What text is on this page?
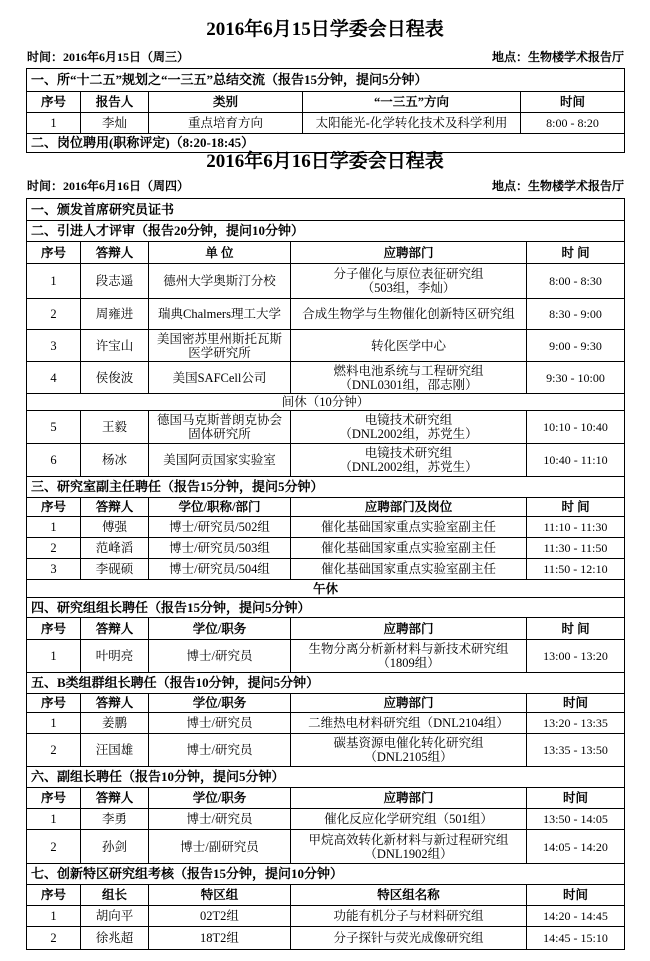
2016年6月15日学委会日程表
时间：2016年6月15日（周三）	地点：生物楼学术报告厅
一、所“十二五”规划之“一三五”总结交流（报告15分钟，提问5分钟）				
序号	报告人	类别	“一三五”方向	时间
1	李灿	重点培育方向	太阳能光-化学转化技术及科学利用	8:00 - 8:20
二、岗位聘用(职称评定)（8:20-18:45）				
2016年6月16日学委会日程表
时间：2016年6月16日（周四）	地点：生物楼学术报告厅
一、颁发首席研究员证书				
二、引进人才评审（报告20分钟，提问10分钟）				
序号	答辩人	单 位	应聘部门	时 间
1	段志遥	德州大学奥斯汀分校	分子催化与原位表征研究组
（503组，李灿）	8:00 - 8:30
2	周雍进	瑞典Chalmers理工大学	合成生物学与生物催化创新特区研究组	8:30 - 9:00
3	许宝山	美国密苏里州斯托瓦斯
医学研究所	转化医学中心	9:00 - 9:30
4	侯俊波	美国SAFCell公司	燃料电池系统与工程研究组
（DNL0301组，邵志刚）	9:30 - 10:00
间休（10分钟）				
5	王毅	德国马克斯普朗克协会
固体研究所	电镜技术研究组
（DNL2002组，苏党生）	10:10 - 10:40
6	杨冰	美国阿贡国家实验室	电镜技术研究组
（DNL2002组，苏党生）	10:40 - 11:10
三、研究室副主任聘任（报告15分钟，提问5分钟）				
序号	答辩人	学位/职称/部门	应聘部门及岗位	时 间
1	傅强	博士/研究员/502组	催化基础国家重点实验室副主任	11:10 - 11:30
2	范峰滔	博士/研究员/503组	催化基础国家重点实验室副主任	11:30 - 11:50
3	李砚硕	博士/研究员/504组	催化基础国家重点实验室副主任	11:50 - 12:10
午休				
四、研究组组长聘任（报告15分钟，提问5分钟）				
序号	答辩人	学位/职务	应聘部门	时 间
1	叶明亮	博士/研究员	生物分离分析新材料与新技术研究组
（1809组）	13:00 - 13:20
五、B类组群组长聘任（报告10分钟，提问5分钟）				
序号	答辩人	学位/职务	应聘部门	时间
1	姜鹏	博士/研究员	二维热电材料研究组（DNL2104组）	13:20 - 13:35
2	汪国雄	博士/研究员	碳基资源电催化转化研究组
（DNL2105组）	13:35 - 13:50
六、副组长聘任（报告10分钟，提问5分钟）				
序号	答辩人	学位/职务	应聘部门	时间
1	李勇	博士/研究员	催化反应化学研究组（501组）	13:50 - 14:05
2	孙剑	博士/副研究员	甲烷高效转化新材料与新过程研究组
（DNL1902组）	14:05 - 14:20
七、创新特区研究组考核（报告15分钟，提问10分钟）				
序号	组长	特区组	特区组名称	时间
1	胡向平	02T2组	功能有机分子与材料研究组	14:20 - 14:45
2	徐兆超	18T2组	分子探针与荧光成像研究组	14:45 - 15:10
